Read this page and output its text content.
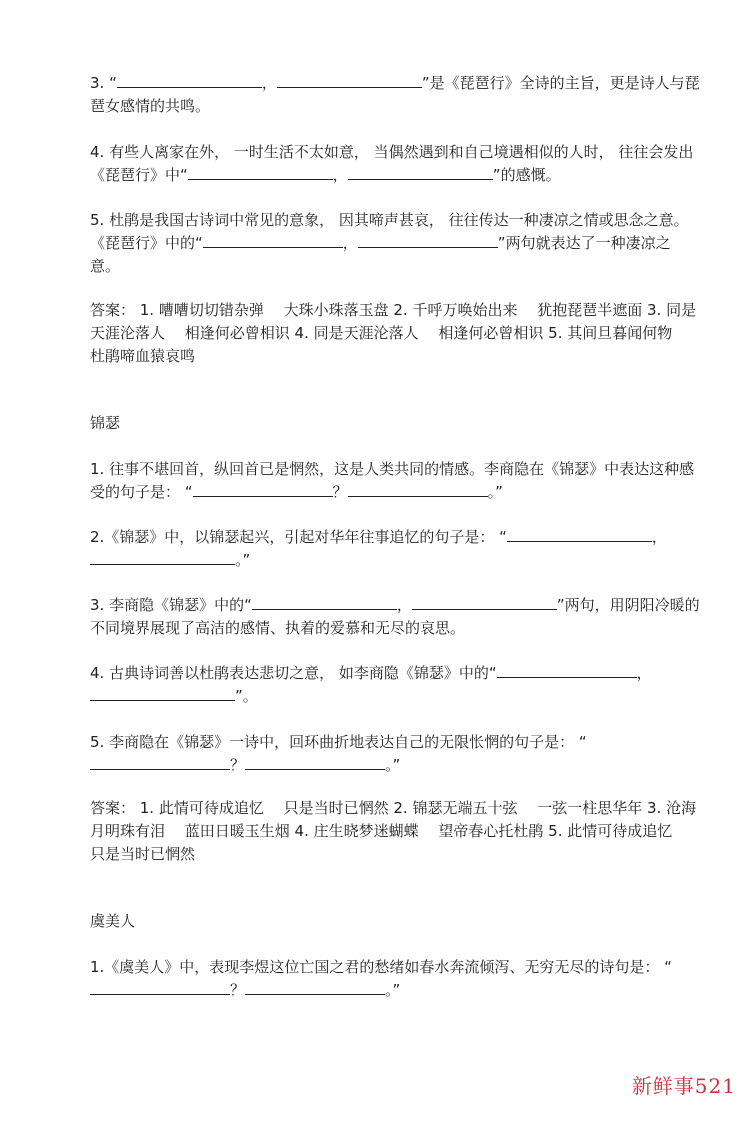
3. “	，	”是《琵琶行》全诗的主旨，更是诗人与琵琶女感情的共鸣。

4. 有些人离家在外， 一时生活不太如意， 当偶然遇到和自己境遇相似的人时， 往往会发出《琵琶行》中“	，	”的感慨。

5. 杜鹃是我国古诗词中常见的意象， 因其啼声甚哀， 往往传达一种凄凉之情或思念之意。《琵琶行》中的“	，	”两句就表达了一种凄凉之意。

答案： 1. 嘈嘈切切错杂弹　 大珠小珠落玉盘 2. 千呼万唤始出来　 犹抱琵琶半遮面 3. 同是天涯沦落人　 相逢何必曾相识 4. 同是天涯沦落人　 相逢何必曾相识 5. 其间旦暮闻何物　 杜鹃啼血猿哀鸣

锦瑟

1. 往事不堪回首，纵回首已是惘然，这是人类共同的情感。李商隐在《锦瑟》中表达这种感受的句子是： “	？	。”

2.《锦瑟》中，以锦瑟起兴，引起对华年往事追忆的句子是： “	，。”

3. 李商隐《锦瑟》中的“	，	”两句，用阴阳冷暖的不同境界展现了高洁的感情、执着的爱慕和无尽的哀思。

4. 古典诗词善以杜鹃表达悲切之意， 如李商隐《锦瑟》中的“	，”。

5. 李商隐在《锦瑟》一诗中，回环曲折地表达自己的无限怅惘的句子是： “？	。”

答案： 1. 此情可待成追忆　 只是当时已惘然 2. 锦瑟无端五十弦　 一弦一柱思华年 3. 沧海月明珠有泪　 蓝田日暖玉生烟 4. 庄生晓梦迷蝴蝶　 望帝春心托杜鹃 5. 此情可待成追忆　 只是当时已惘然

虞美人

1.《虞美人》中，表现李煜这位亡国之君的愁绪如春水奔流倾泻、无穷无尽的诗句是： “？	。”

新鲜事521
